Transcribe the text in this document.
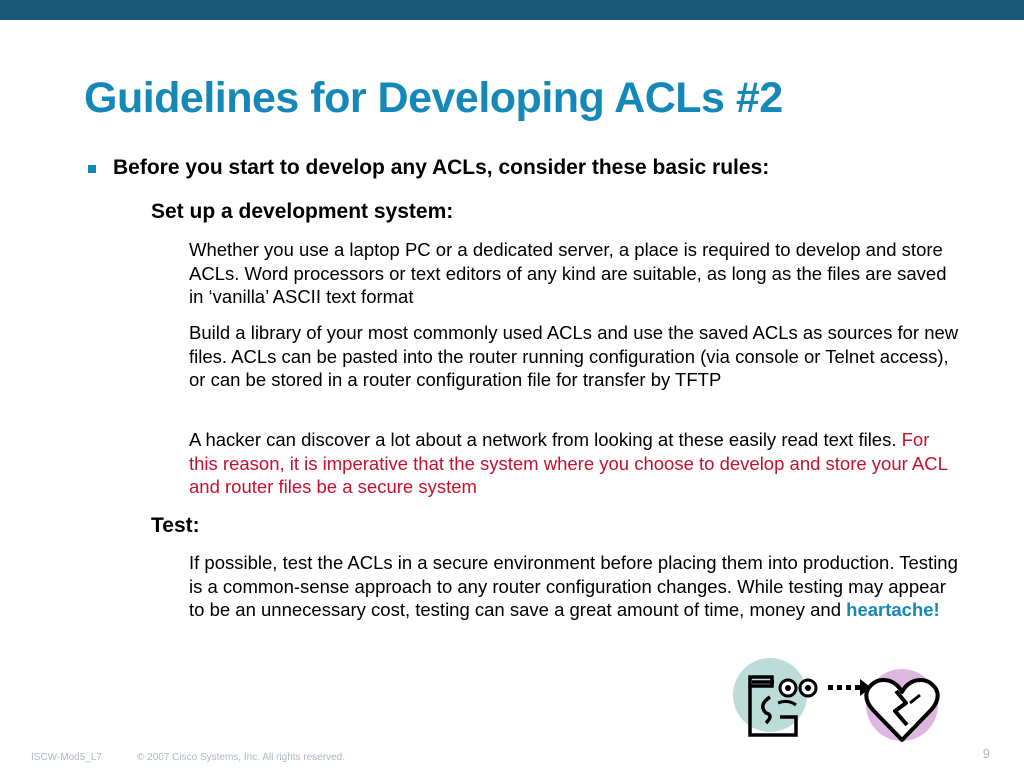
Guidelines for Developing ACLs #2
Before you start to develop any ACLs, consider these basic rules:
Set up a development system:

Whether you use a laptop PC or a dedicated server, a place is required to develop and store ACLs. Word processors or text editors of any kind are suitable, as long as the files are saved in ‘vanilla’ ASCII text format

Build a library of your most commonly used ACLs and use the saved ACLs as sources for new files. ACLs can be pasted into the router running configuration (via console or Telnet access), or can be stored in a router configuration file for transfer by TFTP

A hacker can discover a lot about a network from looking at these easily read text files. For this reason, it is imperative that the system where you choose to develop and store your ACL and router files be a secure system

Test:

If possible, test the ACLs in a secure environment before placing them into production. Testing is a common-sense approach to any router configuration changes. While testing may appear to be an unnecessary cost, testing can save a great amount of time, money and heartache!

ISCW-Mod5_L7	© 2007 Cisco Systems, Inc. All rights reserved.	9
